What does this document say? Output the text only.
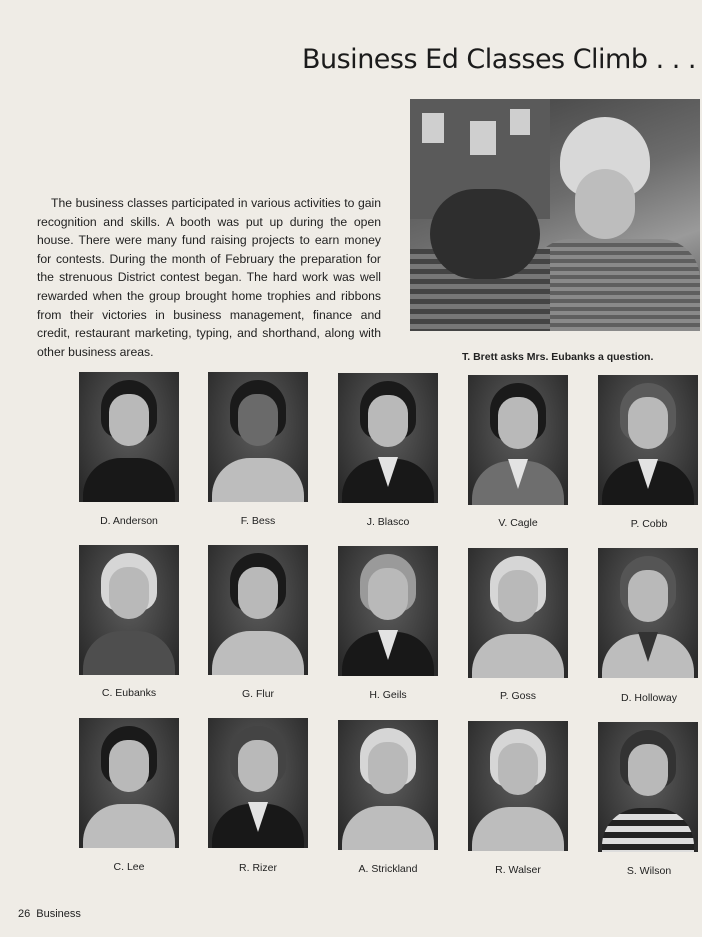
Business Ed Classes Climb . . .

The business classes participated in various activities to gain recognition and skills. A booth was put up during the open house. There were many fund raising projects to earn money for contests. During the month of February the preparation for the strenuous District contest began. The hard work was well rewarded when the group brought home trophies and ribbons from their victories in business management, finance and credit, restaurant marketing, typing, and shorthand, along with other business areas.	T. Brett asks Mrs. Eubanks a question.
D. Anderson	F. Bess	J. Blasco	V. Cagle	P. Cobb
C. Eubanks	G. Flur	H. Geils	P. Goss	D. Holloway
C. Lee	R. Rizer	A. Strickland	R. Walser	S. Wilson
26 Business
